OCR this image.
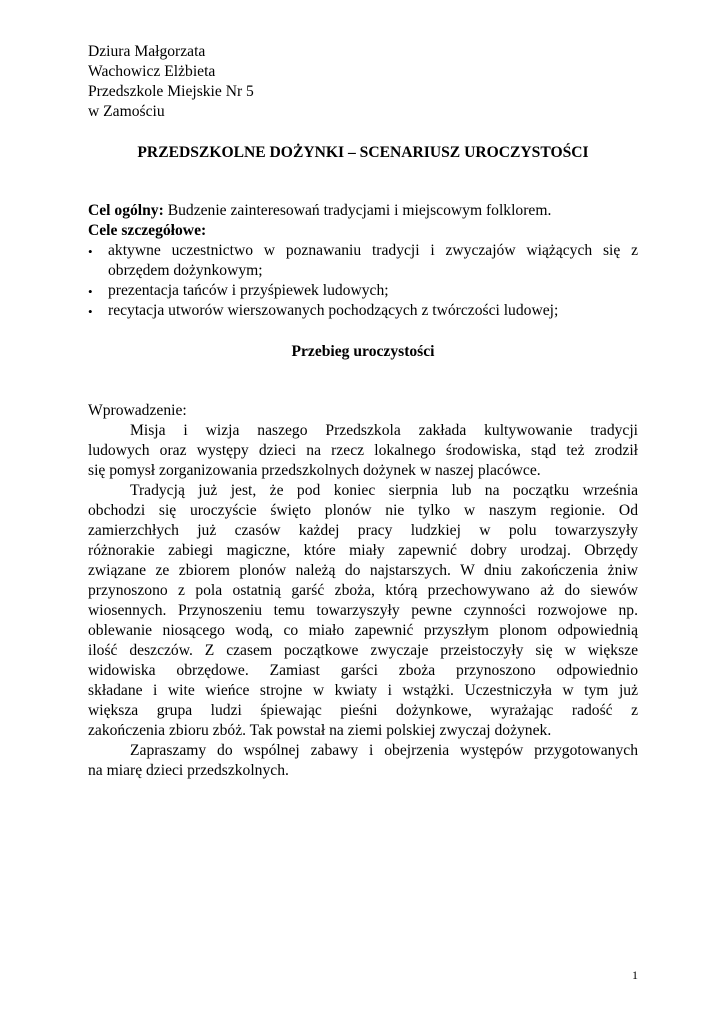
Dziura Małgorzata
Wachowicz Elżbieta
Przedszkole Miejskie Nr 5
w Zamościu
PRZEDSZKOLNE DOŻYNKI – SCENARIUSZ UROCZYSTOŚCI
Cel ogólny: Budzenie zainteresowań tradycjami i miejscowym folklorem.
Cele szczegółowe:
• aktywne uczestnictwo w poznawaniu tradycji i zwyczajów wiążących się z
obrzędem dożynkowym;
• prezentacja tańców i przyśpiewek ludowych;
• recytacja utworów wierszowanych pochodzących z twórczości ludowej;
Przebieg uroczystości
Wprowadzenie:
Misja i wizja naszego Przedszkola zakłada kultywowanie tradycji
ludowych oraz występy dzieci na rzecz lokalnego środowiska, stąd też zrodził
się pomysł zorganizowania przedszkolnych dożynek w naszej placówce.
Tradycją już jest, że pod koniec sierpnia lub na początku września
obchodzi się uroczyście święto plonów nie tylko w naszym regionie. Od
zamierzchłych już czasów każdej pracy ludzkiej w polu towarzyszyły
różnorakie zabiegi magiczne, które miały zapewnić dobry urodzaj. Obrzędy
związane ze zbiorem plonów należą do najstarszych. W dniu zakończenia żniw
przynoszono z pola ostatnią garść zboża, którą przechowywano aż do siewów
wiosennych. Przynoszeniu temu towarzyszyły pewne czynności rozwojowe np.
oblewanie niosącego wodą, co miało zapewnić przyszłym plonom odpowiednią
ilość deszczów. Z czasem początkowe zwyczaje przeistoczyły się w większe
widowiska obrzędowe. Zamiast garści zboża przynoszono odpowiednio
składane i wite wieńce strojne w kwiaty i wstążki. Uczestniczyła w tym już
większa grupa ludzi śpiewając pieśni dożynkowe, wyrażając radość z
zakończenia zbioru zbóż. Tak powstał na ziemi polskiej zwyczaj dożynek.
Zapraszamy do wspólnej zabawy i obejrzenia występów przygotowanych
na miarę dzieci przedszkolnych.
1
